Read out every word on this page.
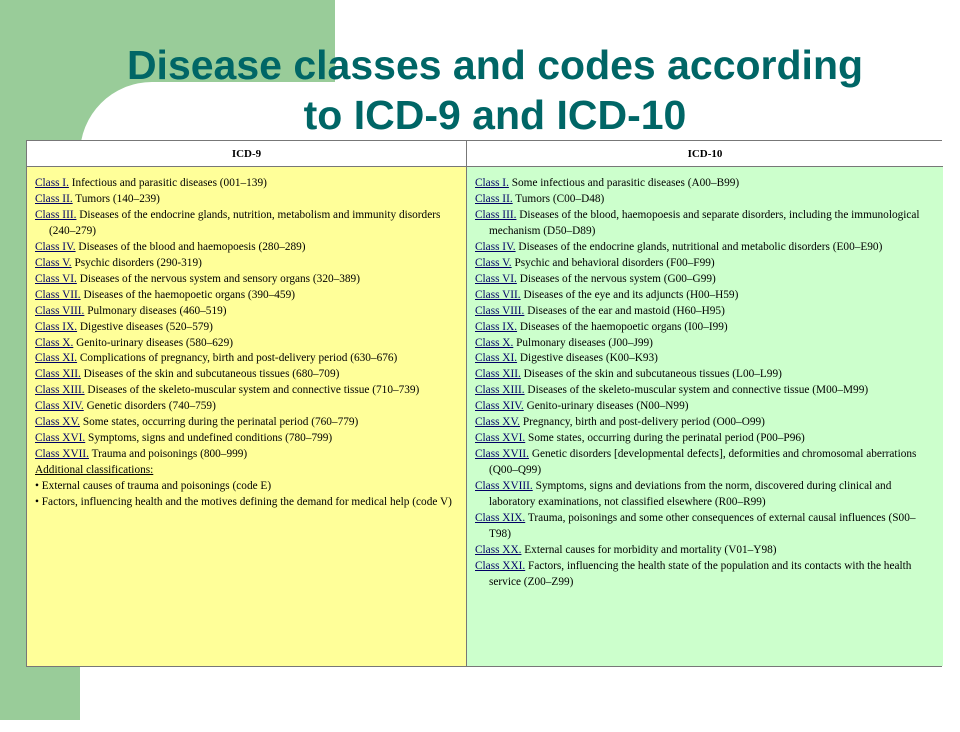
Disease classes and codes according
to ICD-9 and ICD-10
ICD-9	ICD-10
Class I. Infectious and parasitic diseases (001–139)
Class II. Tumors (140–239)
Class III. Diseases of the endocrine glands, nutrition, metabolism and immunity disorders (240–279)
Class IV. Diseases of the blood and haemopoesis (280–289)
Class V. Psychic disorders (290-319)
Class VI. Diseases of the nervous system and sensory organs (320–389)
Class VII. Diseases of the haemopoetic organs (390–459)
Class VIII. Pulmonary diseases (460–519)
Class IX. Digestive diseases (520–579)
Class X. Genito-urinary diseases (580–629)
Class XI. Complications of pregnancy, birth and post-delivery period (630–676)
Class XII. Diseases of the skin and subcutaneous tissues (680–709)
Class XIII. Diseases of the skeleto-muscular system and connective tissue (710–739)
Class XIV. Genetic disorders (740–759)
Class XV. Some states, occurring during the perinatal period (760–779)
Class XVI. Symptoms, signs and undefined conditions (780–799)
Class XVII. Trauma and poisonings (800–999)
Additional classifications:
• External causes of trauma and poisonings (code E)
• Factors, influencing health and the motives defining the demand for medical help (code V)
Class I. Some infectious and parasitic diseases (A00–B99)
Class II. Tumors (C00–D48)
Class III. Diseases of the blood, haemopoesis and separate disorders, including the immunological mechanism (D50–D89)
Class IV. Diseases of the endocrine glands, nutritional and metabolic disorders (E00–E90)
Class V. Psychic and behavioral disorders (F00–F99)
Class VI. Diseases of the nervous system (G00–G99)
Class VII. Diseases of the eye and its adjuncts (H00–H59)
Class VIII. Diseases of the ear and mastoid (H60–H95)
Class IX. Diseases of the haemopoetic organs (I00–I99)
Class X. Pulmonary diseases (J00–J99)
Class XI. Digestive diseases (K00–K93)
Class XII. Diseases of the skin and subcutaneous tissues (L00–L99)
Class XIII. Diseases of the skeleto-muscular system and connective tissue (M00–M99)
Class XIV. Genito-urinary diseases (N00–N99)
Class XV. Pregnancy, birth and post-delivery period (O00–O99)
Class XVI. Some states, occurring during the perinatal period (P00–P96)
Class XVII. Genetic disorders [developmental defects], deformities and chromosomal aberrations (Q00–Q99)
Class XVIII. Symptoms, signs and deviations from the norm, discovered during clinical and laboratory examinations, not classified elsewhere (R00–R99)
Class XIX. Trauma, poisonings and some other consequences of external causal influences (S00–T98)
Class XX. External causes for morbidity and mortality (V01–Y98)
Class XXI. Factors, influencing the health state of the population and its contacts with the health service (Z00–Z99)
